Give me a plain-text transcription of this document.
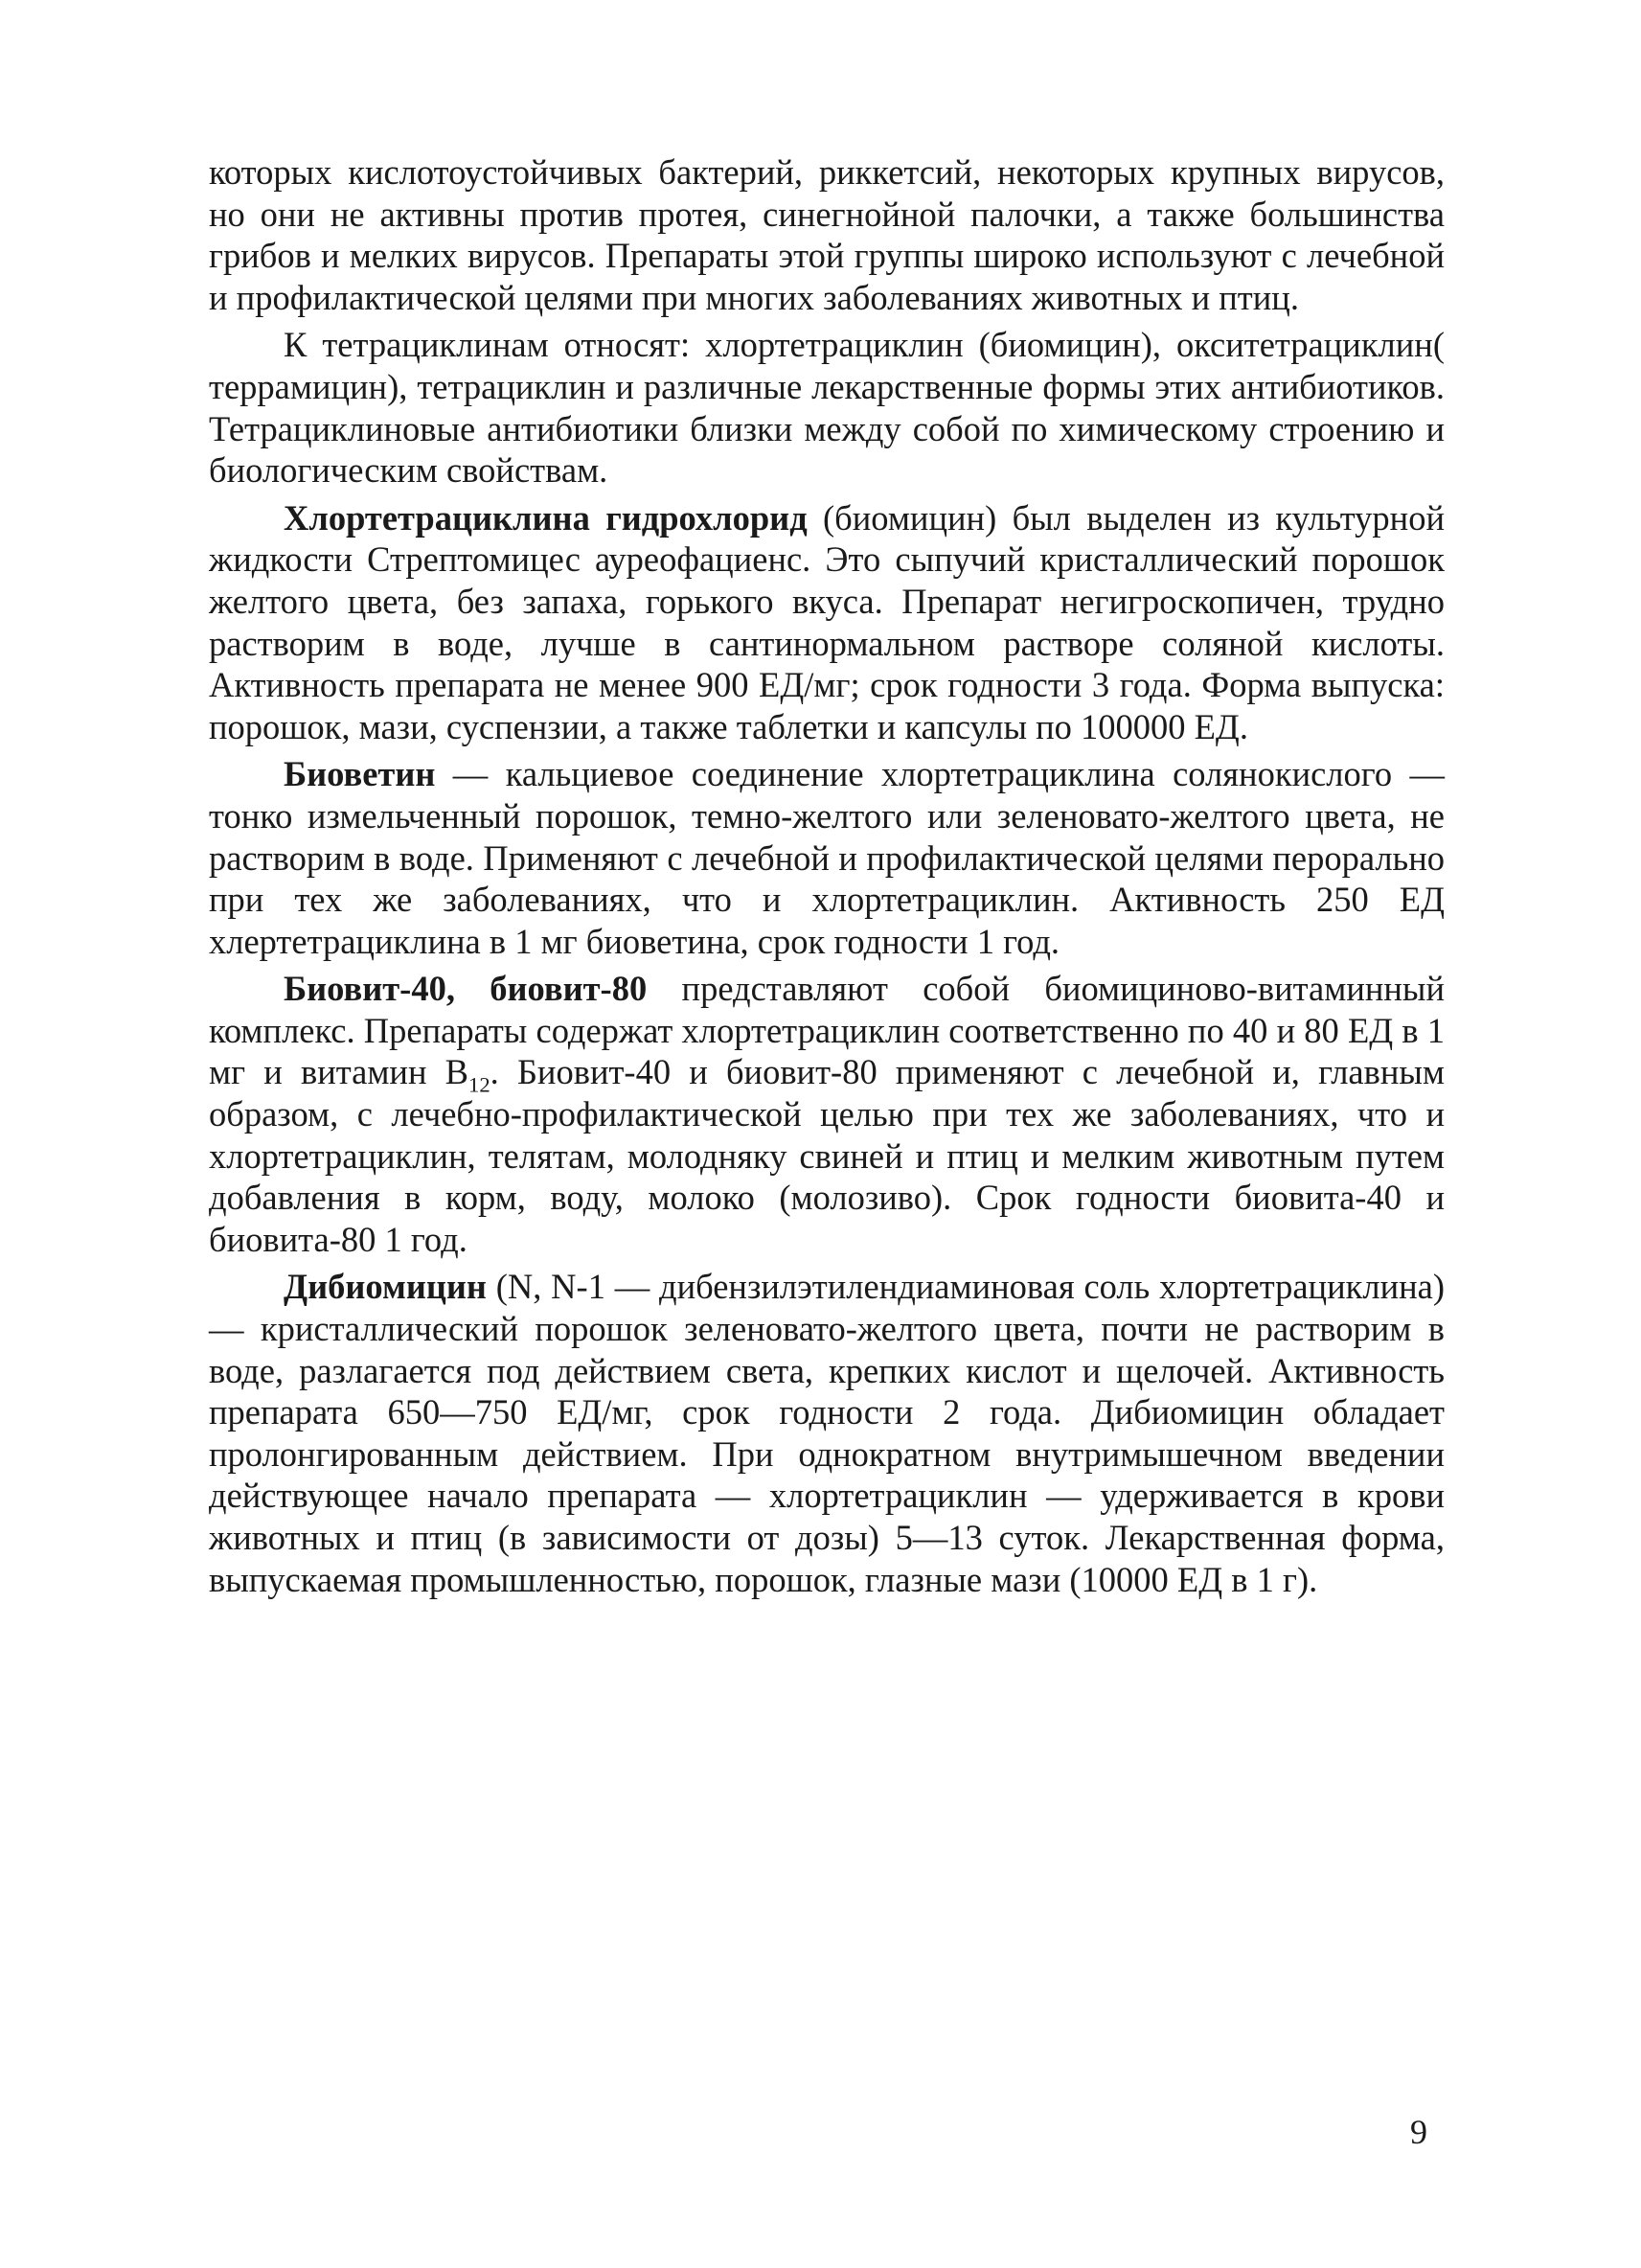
которых кислотоустойчивых бактерий, риккетсий, некоторых крупных вирусов, но они не активны против протея, синегнойной палочки, а также большинства грибов и мелких вирусов. Препараты этой группы широко используют с лечебной и профилактической целями при многих заболеваниях животных и птиц.

К тетрациклинам относят: хлортетрациклин (биомицин), окситетрациклин( террамицин), тетрациклин и различные лекарственные формы этих антибиотиков. Тетрациклиновые антибиотики близки между собой по химическому строению и биологическим свойствам.

Хлортетрациклина гидрохлорид (биомицин) был выделен из культурной жидкости Стрептомицес ауреофациенс. Это сыпучий кристаллический порошок желтого цвета, без запаха, горького вкуса. Препарат негигроскопичен, трудно растворим в воде, лучше в сантинормальном растворе соляной кислоты. Активность препарата не менее 900 ЕД/мг; срок годности 3 года. Форма выпуска: порошок, мази, суспензии, а также таблетки и капсулы по 100000 ЕД.

Биоветин — кальциевое соединение хлортетрациклина солянокислого — тонко измельченный порошок, темно-желтого или зеленовато-желтого цвета, не растворим в воде. Применяют с лечебной и профилактической целями перорально при тех же заболеваниях, что и хлортетрациклин. Активность 250 ЕД хлертетрациклина в 1 мг биоветина, срок годности 1 год.

Биовит-40, биовит-80 представляют собой биомицинoво-витаминный комплекс. Препараты содержат хлортетрациклин соответственно по 40 и 80 ЕД в 1 мг и витамин $B_{12}$. Биовит-40 и биовит-80 применяют с лечебной и, главным образом, с лечебно-профилактической целью при тех же заболеваниях, что и хлортетрациклин, телятам, молодняку свиней и птиц и мелким животным путем добавления в корм, воду, молоко (молозиво). Срок годности биовита-40 и биовита-80 1 год.

Дибиомицин (N, N-1 — дибензилэтилендиаминовая соль хлортетрациклина) — кристаллический порошок зеленовато-желтого цвета, почти не растворим в воде, разлагается под действием света, крепких кислот и щелочей. Активность препарата 650—750 ЕД/мг, срок годности 2 года. Дибиомицин обладает пролонгированным действием. При однократном внутримышечном введении действующее начало препарата — хлортетрациклин — удерживается в крови животных и птиц (в зависимости от дозы) 5—13 суток. Лекарственная форма, выпускаемая промышленностью, порошок, глазные мази (10000 ЕД в 1 г).

9
